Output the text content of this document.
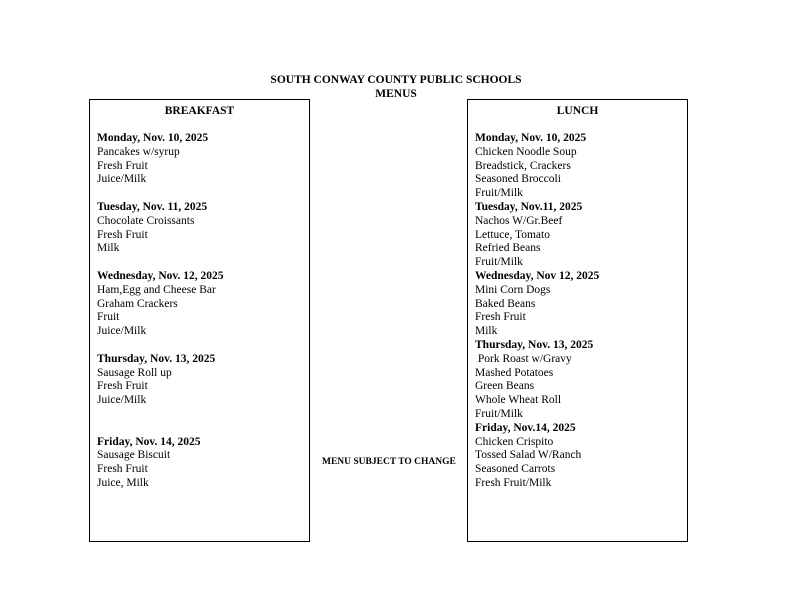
SOUTH CONWAY COUNTY PUBLIC SCHOOLS
MENUS
BREAKFAST
Monday, Nov. 10, 2025
Pancakes w/syrup
Fresh Fruit
Juice/Milk
Tuesday, Nov. 11, 2025
Chocolate Croissants
Fresh Fruit
Milk
Wednesday, Nov. 12, 2025
Ham,Egg and Cheese Bar
Graham Crackers
Fruit
Juice/Milk
Thursday, Nov. 13, 2025
Sausage Roll up
Fresh Fruit
Juice/Milk
Friday, Nov. 14, 2025
Sausage Biscuit
Fresh Fruit
Juice, Milk
MENU SUBJECT TO CHANGE
LUNCH
Monday, Nov. 10, 2025
Chicken Noodle Soup
Breadstick, Crackers
Seasoned Broccoli
Fruit/Milk
Tuesday, Nov.11, 2025
Nachos W/Gr.Beef
Lettuce, Tomato
Refried Beans
Fruit/Milk
Wednesday, Nov 12, 2025
Mini Corn Dogs
Baked Beans
Fresh Fruit
Milk
Thursday, Nov. 13, 2025
Pork Roast w/Gravy
Mashed Potatoes
Green Beans
Whole Wheat Roll
Fruit/Milk
Friday, Nov.14, 2025
Chicken Crispito
Tossed Salad W/Ranch
Seasoned Carrots
Fresh Fruit/Milk
